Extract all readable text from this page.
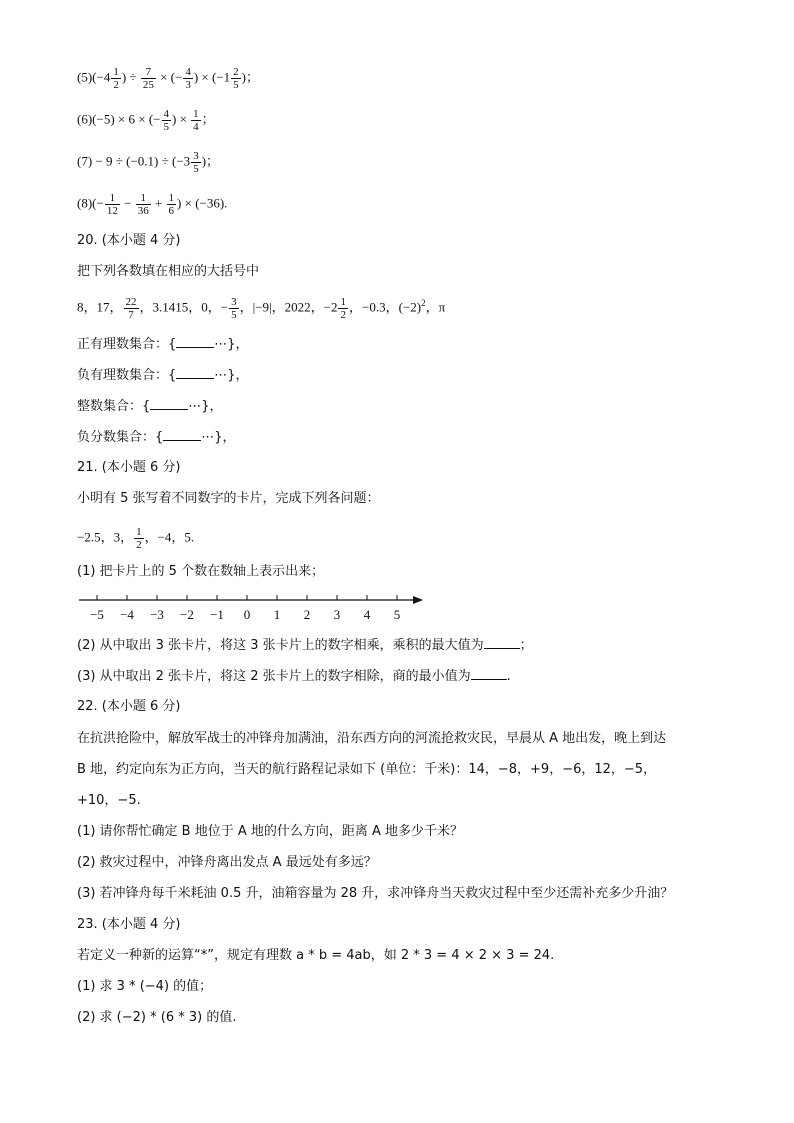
$(5)(-4 \frac{1}{2}$ ) ÷ $\frac{7}{25}$ × (− $\frac{4}{3}$ ) × ($-1 \frac{2}{5}$ )；
(6)(−5) × 6 × (− $\frac{4}{5}$ ) × $\frac{1}{4}$ ；
$(7) - 9 \div (-0.1) \div (-3 \frac{3}{5}$ )；
$(8)(- \frac{1}{12} - \frac{1}{36} + \frac{1}{6}$ ) × (−36).
20. (本小题 4 分)
把下列各数填在相应的大括号中
8，17， $\frac{22}{7}$ ，3.1415，0，− $\frac{3}{5}$ ，|−9|，2022，$-2 \frac{1}{2}$ ，−0.3，$(-2)^2$，π
正有理数集合：{	⋯}，
负有理数集合：{	⋯}，
整数集合：{	⋯}，
负分数集合：{	⋯}，
21. (本小题 6 分)
小明有 5 张写着不同数字的卡片，完成下列各问题：
−2.5，3， $\frac{1}{2}$ ，−4，5.
(1) 把卡片上的 5 个数在数轴上表示出来；
−5 −4 −3 −2 −1 0 1 2 3 4 5
(2) 从中取出 3 张卡片，将这 3 张卡片上的数字相乘，乘积的最大值为	；
(3) 从中取出 2 张卡片，将这 2 张卡片上的数字相除，商的最小值为	.
22. (本小题 6 分)
在抗洪抢险中，解放军战士的冲锋舟加满油，沿东西方向的河流抢救灾民，早晨从 A 地出发，晚上到达
B 地，约定向东为正方向，当天的航行路程记录如下 (单位：千米)：14，−8，+9，−6，12，−5，
+10，−5.
(1) 请你帮忙确定 B 地位于 A 地的什么方向，距离 A 地多少千米？
(2) 救灾过程中，冲锋舟离出发点 A 最远处有多远？
(3) 若冲锋舟每千米耗油 0.5 升，油箱容量为 28 升，求冲锋舟当天救灾过程中至少还需补充多少升油？
23. (本小题 4 分)
若定义一种新的运算“*”，规定有理数 a * b = 4ab，如 2 * 3 = 4 × 2 × 3 = 24.
(1) 求 3 * (−4) 的值；
(2) 求 (−2) * (6 * 3) 的值.
